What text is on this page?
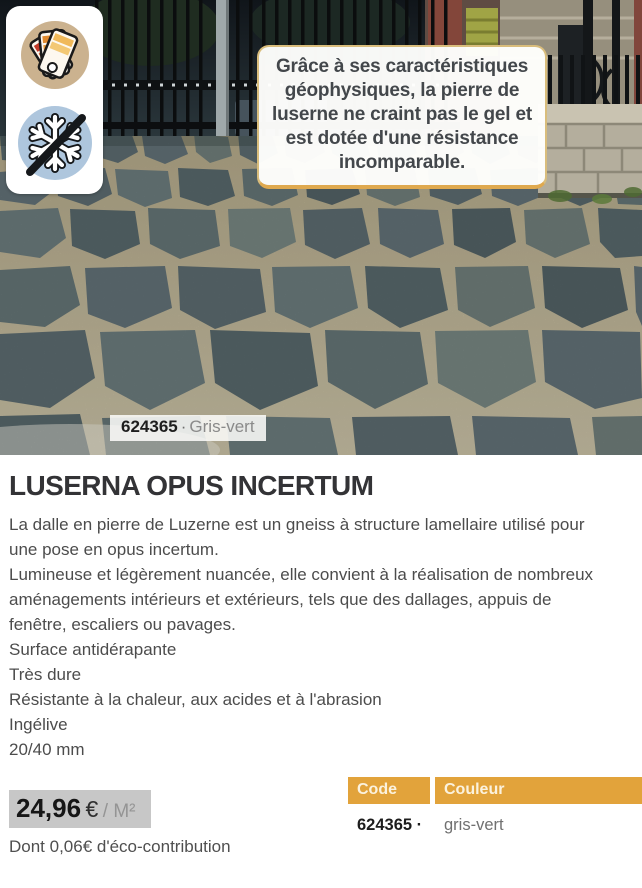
Grâce à ses caractéristiques géophysiques, la pierre de luserne ne craint pas le gel et est dotée d'une résistance incomparable.
624365 · Gris-vert
LUSERNA OPUS INCERTUM

La dalle en pierre de Luzerne est un gneiss à structure lamellaire utilisé pour une pose en opus incertum.

Lumineuse et légèrement nuancée, elle convient à la réalisation de nombreux aménagements intérieurs et extérieurs, tels que des dallages, appuis de fenêtre, escaliers ou pavages.

Surface antidérapante
Très dure
Résistante à la chaleur, aux acides et à l'abrasion
Ingélive
20/40 mm
24,96 € / M²
Dont 0,06€ d'éco-contribution
Code	Couleur
624365 ·	gris-vert
